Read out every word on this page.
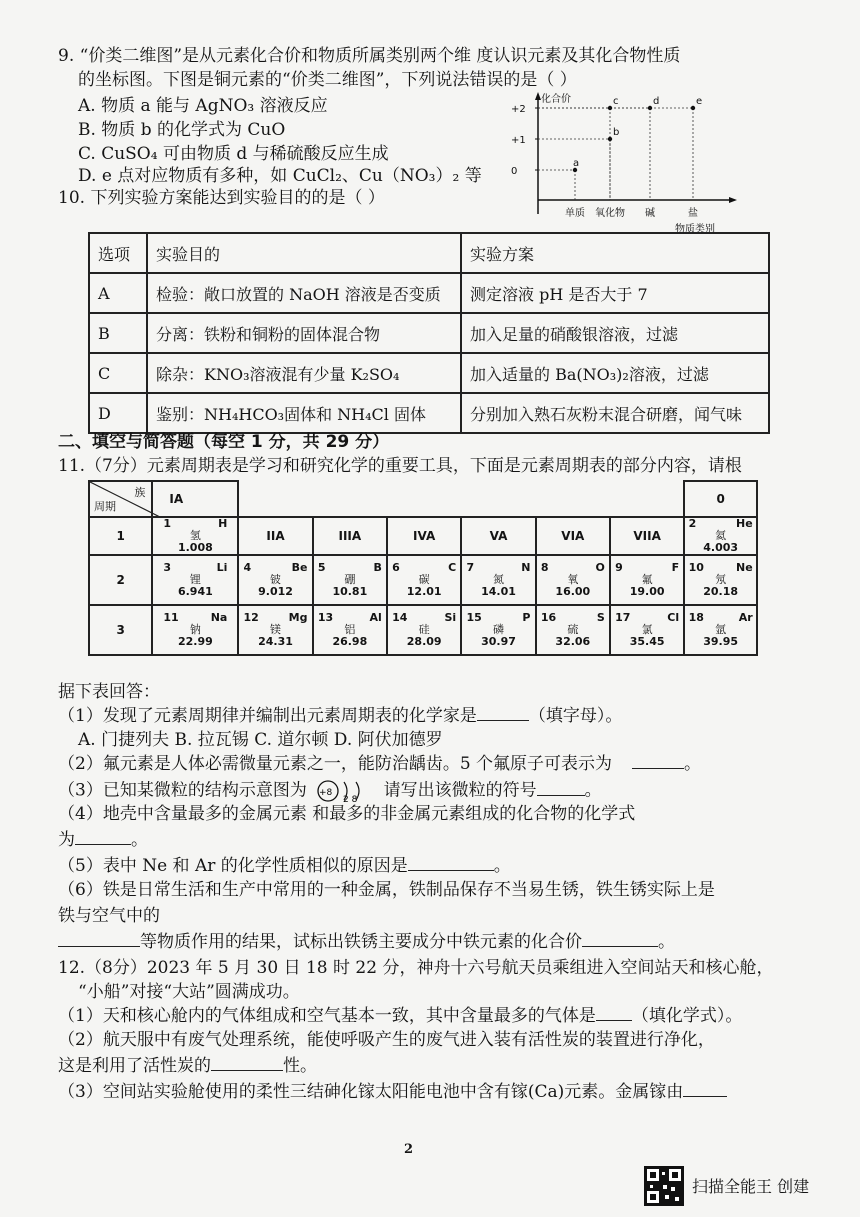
9. “价类二维图”是从元素化合价和物质所属类别两个维 度认识元素及其化合物性质
的坐标图。下图是铜元素的“价类二维图”，下列说法错误的是（ ）
A. 物质 a 能与 AgNO₃ 溶液反应
B. 物质 b 的化学式为 CuO
C. CuSO₄ 可由物质 d 与稀硫酸反应生成
D. e 点对应物质有多种，如 CuCl₂、Cu（NO₃）₂ 等
化合价
物质类别
+2
+1
0
单质 氧化物 碱	盐
a
b
c	d	e
10. 下列实验方案能达到实验目的的是（ ）
选项	实验目的	实验方案
A	检验：敞口放置的 NaOH 溶液是否变质	测定溶液 pH 是否大于 7
B	分离：铁粉和铜粉的固体混合物	加入足量的硝酸银溶液，过滤
C	除杂：KNO₃溶液混有少量 K₂SO₄	加入适量的 Ba(NO₃)₂溶液，过滤
D	鉴别：NH₄HCO₃固体和 NH₄Cl 固体	分别加入熟石灰粉末混合研磨，闻气味
二、填空与简答题（每空 1 分，共 29 分）
11.（7分）元素周期表是学习和研究化学的重要工具，下面是元素周期表的部分内容，请根
族
周期	IA							0
1	1 H
氢
1.008	IIA	IIIA	IVA	VA	VIA	VIIA	2 He
氦
4.003

2	3 Li
锂
6.941	4 Be
铍
9.012	5 B
硼
10.81	6 C
碳
12.01	7 N
氮
14.01	8 O
氧
16.00	9 F
氟
19.00	10 Ne
氖
20.18

3	11 Na
钠
22.99	12 Mg
镁
24.31	13 Al
铝
26.98	14 Si
硅
28.09	15 P
磷
30.97	16 S
硫
32.06	17 Cl
氯
35.45	18 Ar
氩
39.95
据下表回答：
（1）发现了元素周期律并编制出元素周期表的化学家是	（填字母）。
A. 门捷列夫 B. 拉瓦锡 C. 道尔顿 D. 阿伏加德罗
（2）氟元素是人体必需微量元素之一，能防治龋齿。5 个氟原子可表示为	。
（3）已知某微粒的结构示意图为 +8
2 8 请写出该微粒的符号	。
（4）地壳中含量最多的金属元素 和最多的非金属元素组成的化合物的化学式
为	。
（5）表中 Ne 和 Ar 的化学性质相似的原因是	。
（6）铁是日常生活和生产中常用的一种金属，铁制品保存不当易生锈，铁生锈实际上是
铁与空气中的
等物质作用的结果，试标出铁锈主要成分中铁元素的化合价	。
12.（8分）2023 年 5 月 30 日 18 时 22 分，神舟十六号航天员乘组进入空间站天和核心舱，
“小船”对接“大站”圆满成功。
（1）天和核心舱内的气体组成和空气基本一致，其中含量最多的气体是 （填化学式）。
（2）航天服中有废气处理系统，能使呼吸产生的废气进入装有活性炭的装置进行净化，
这是利用了活性炭的	性。
（3）空间站实验舱使用的柔性三结砷化镓太阳能电池中含有镓(Ca)元素。金属镓由
2
扫描全能王 创建
